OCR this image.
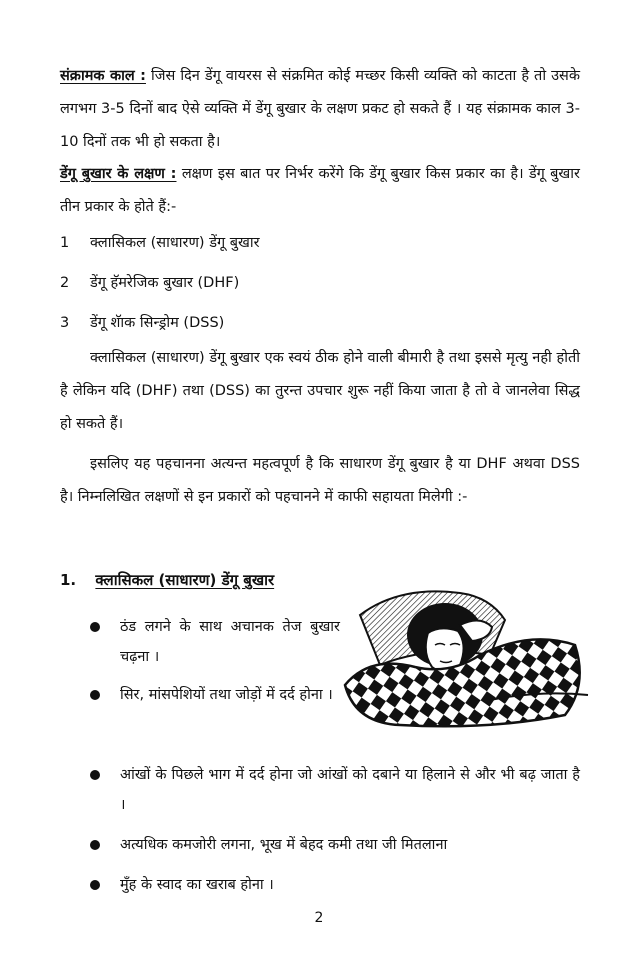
संक्रामक काल : जिस दिन डेंगू वायरस से संक्रमित कोई मच्छर किसी व्यक्ति को काटता है तो उसके लगभग 3-5 दिनों बाद ऐसे व्यक्ति में डेंगू बुखार के लक्षण प्रकट हो सकते हैं । यह संक्रामक काल 3-10 दिनों तक भी हो सकता है।

डेंगू बुखार के लक्षण : लक्षण इस बात पर निर्भर करेंगे कि डेंगू बुखार किस प्रकार का है। डेंगू बुखार तीन प्रकार के होते हैं:-

1 क्लासिकल (साधारण) डेंगू बुखार
2 डेंगू हॅमरेजिक बुखार (DHF)
3 डेंगू शॅाक सिन्ड्रोम (DSS)

क्लासिकल (साधारण) डेंगू बुखार एक स्वयं ठीक होने वाली बीमारी है तथा इससे मृत्यु नही होती है लेकिन यदि (DHF) तथा (DSS) का तुरन्त उपचार शुरू नहीं किया जाता है तो वे जानलेवा सिद्ध हो सकते हैं।

इसलिए यह पहचानना अत्यन्त महत्वपूर्ण है कि साधारण डेंगू बुखार है या DHF अथवा DSS है। निम्नलिखित लक्षणों से इन प्रकारों को पहचानने में काफी सहायता मिलेगी :-

1. क्लासिकल (साधारण) डेंगू बुखार
ठंड लगने के साथ अचानक तेज बुखार चढ़ना ।
सिर, मांसपेशियों तथा जोड़ों में दर्द होना ।
आंखों के पिछले भाग में दर्द होना जो आंखों को दबाने या हिलाने से और भी बढ़ जाता है ।
अत्यधिक कमजोरी लगना, भूख में बेहद कमी तथा जी मितलाना
मुँह के स्वाद का खराब होना ।
2
